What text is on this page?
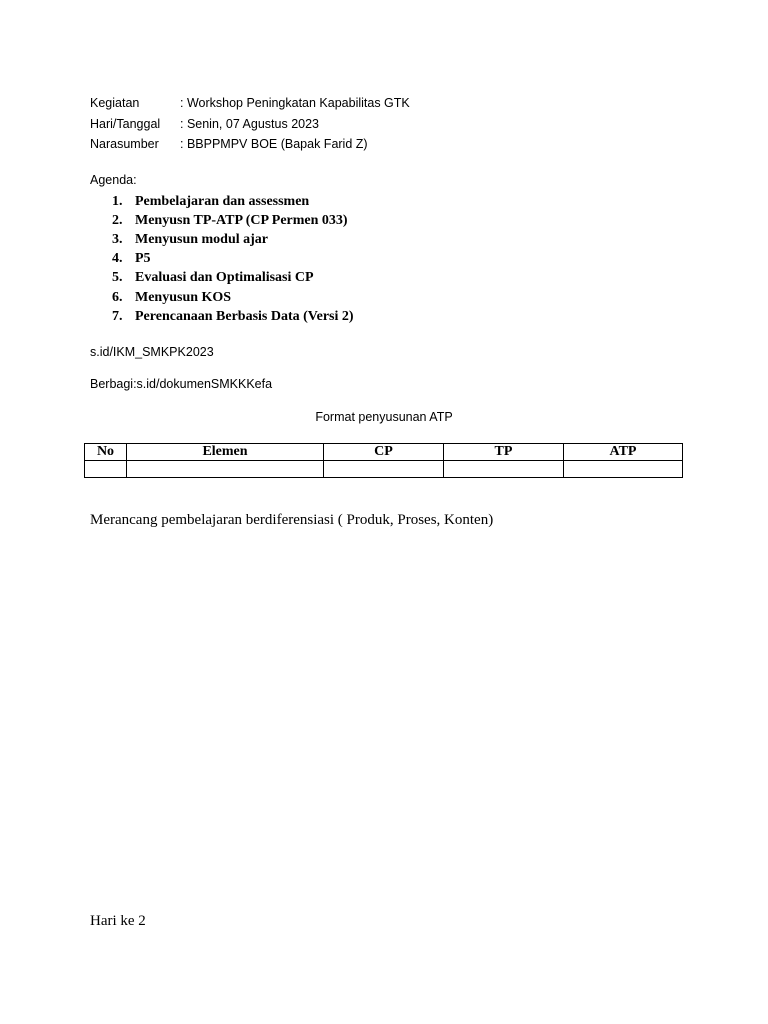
Kegiatan	: Workshop Peningkatan Kapabilitas GTK
Hari/Tanggal	: Senin, 07 Agustus 2023
Narasumber	: BBPPMPV BOE (Bapak Farid Z)
Agenda:
1. Pembelajaran dan assessmen
2. Menyusn TP-ATP (CP Permen 033)
3. Menyusun modul ajar
4. P5
5. Evaluasi dan Optimalisasi CP
6. Menyusun KOS
7. Perencanaan Berbasis Data (Versi 2)
s.id/IKM_SMKPK2023
Berbagi:s.id/dokumenSMKKKefa
Format penyusunan ATP
No	Elemen	CP	TP	ATP

Merancang pembelajaran berdiferensiasi ( Produk, Proses, Konten)
Hari ke 2
